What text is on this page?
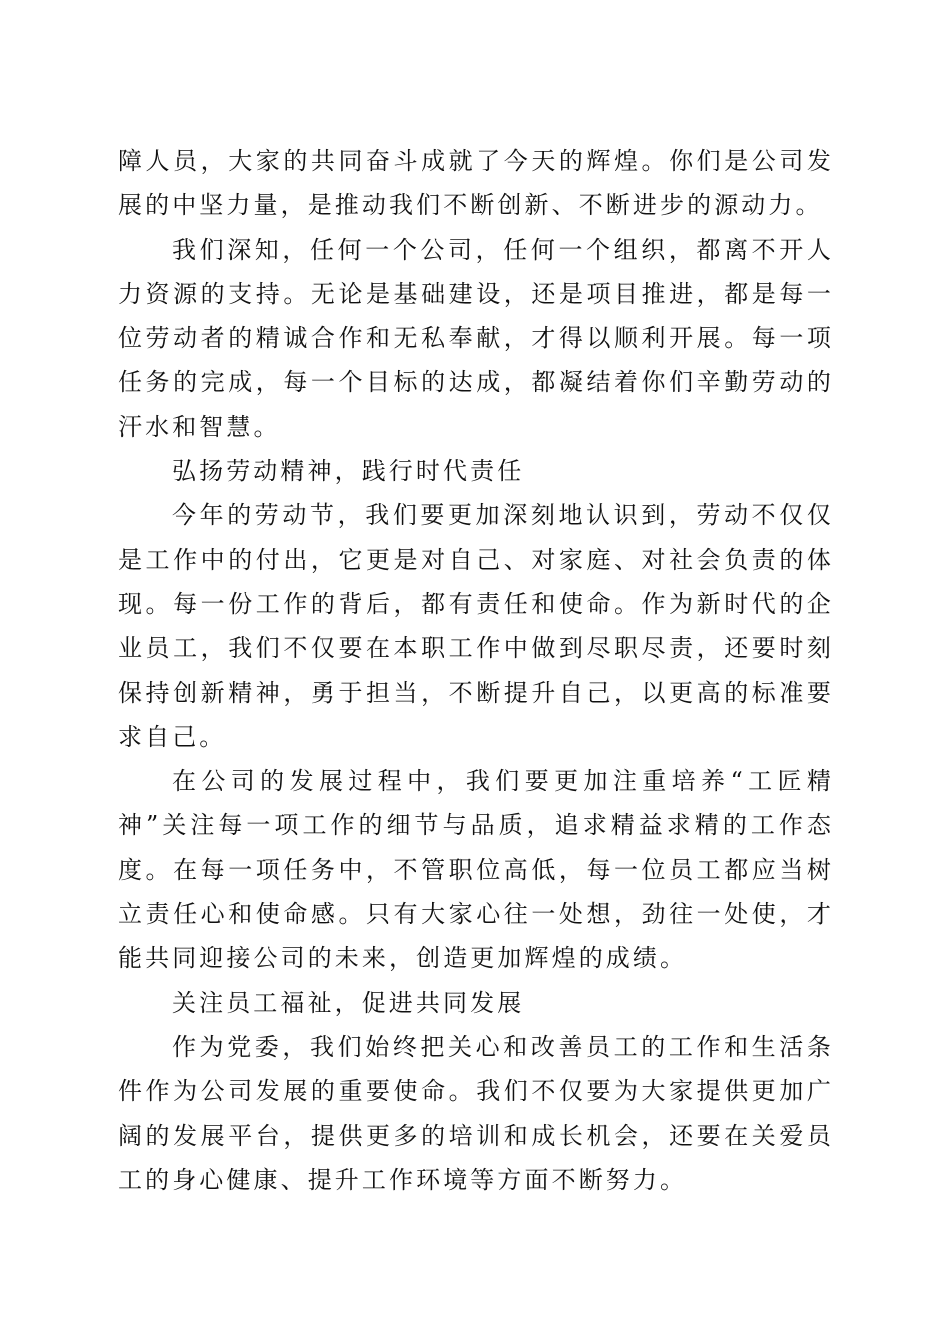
障人员，大家的共同奋斗成就了今天的辉煌。你们是公司发展的中坚力量，是推动我们不断创新、不断进步的源动力。

我们深知，任何一个公司，任何一个组织，都离不开人力资源的支持。无论是基础建设，还是项目推进，都是每一位劳动者的精诚合作和无私奉献，才得以顺利开展。每一项任务的完成，每一个目标的达成，都凝结着你们辛勤劳动的汗水和智慧。

弘扬劳动精神，践行时代责任

今年的劳动节，我们要更加深刻地认识到，劳动不仅仅是工作中的付出，它更是对自己、对家庭、对社会负责的体现。每一份工作的背后，都有责任和使命。作为新时代的企业员工，我们不仅要在本职工作中做到尽职尽责，还要时刻保持创新精神，勇于担当，不断提升自己，以更高的标准要求自己。

在公司的发展过程中，我们要更加注重培养“工匠精神”关注每一项工作的细节与品质，追求精益求精的工作态度。在每一项任务中，不管职位高低，每一位员工都应当树立责任心和使命感。只有大家心往一处想，劲往一处使，才能共同迎接公司的未来，创造更加辉煌的成绩。

关注员工福祉，促进共同发展

作为党委，我们始终把关心和改善员工的工作和生活条件作为公司发展的重要使命。我们不仅要为大家提供更加广阔的发展平台，提供更多的培训和成长机会，还要在关爱员工的身心健康、提升工作环境等方面不断努力。
